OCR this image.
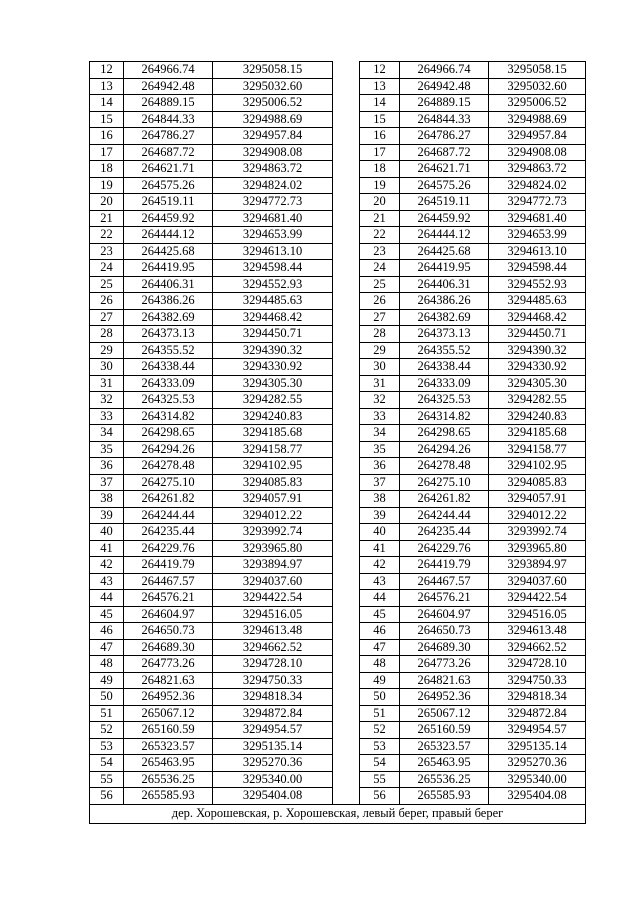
12	264966.74	3295058.15		12	264966.74	3295058.15
13	264942.48	3295032.60		13	264942.48	3295032.60
14	264889.15	3295006.52		14	264889.15	3295006.52
15	264844.33	3294988.69		15	264844.33	3294988.69
16	264786.27	3294957.84		16	264786.27	3294957.84
17	264687.72	3294908.08		17	264687.72	3294908.08
18	264621.71	3294863.72		18	264621.71	3294863.72
19	264575.26	3294824.02		19	264575.26	3294824.02
20	264519.11	3294772.73		20	264519.11	3294772.73
21	264459.92	3294681.40		21	264459.92	3294681.40
22	264444.12	3294653.99		22	264444.12	3294653.99
23	264425.68	3294613.10		23	264425.68	3294613.10
24	264419.95	3294598.44		24	264419.95	3294598.44
25	264406.31	3294552.93		25	264406.31	3294552.93
26	264386.26	3294485.63		26	264386.26	3294485.63
27	264382.69	3294468.42		27	264382.69	3294468.42
28	264373.13	3294450.71		28	264373.13	3294450.71
29	264355.52	3294390.32		29	264355.52	3294390.32
30	264338.44	3294330.92		30	264338.44	3294330.92
31	264333.09	3294305.30		31	264333.09	3294305.30
32	264325.53	3294282.55		32	264325.53	3294282.55
33	264314.82	3294240.83		33	264314.82	3294240.83
34	264298.65	3294185.68		34	264298.65	3294185.68
35	264294.26	3294158.77		35	264294.26	3294158.77
36	264278.48	3294102.95		36	264278.48	3294102.95
37	264275.10	3294085.83		37	264275.10	3294085.83
38	264261.82	3294057.91		38	264261.82	3294057.91
39	264244.44	3294012.22		39	264244.44	3294012.22
40	264235.44	3293992.74		40	264235.44	3293992.74
41	264229.76	3293965.80		41	264229.76	3293965.80
42	264419.79	3293894.97		42	264419.79	3293894.97
43	264467.57	3294037.60		43	264467.57	3294037.60
44	264576.21	3294422.54		44	264576.21	3294422.54
45	264604.97	3294516.05		45	264604.97	3294516.05
46	264650.73	3294613.48		46	264650.73	3294613.48
47	264689.30	3294662.52		47	264689.30	3294662.52
48	264773.26	3294728.10		48	264773.26	3294728.10
49	264821.63	3294750.33		49	264821.63	3294750.33
50	264952.36	3294818.34		50	264952.36	3294818.34
51	265067.12	3294872.84		51	265067.12	3294872.84
52	265160.59	3294954.57		52	265160.59	3294954.57
53	265323.57	3295135.14		53	265323.57	3295135.14
54	265463.95	3295270.36		54	265463.95	3295270.36
55	265536.25	3295340.00		55	265536.25	3295340.00
56	265585.93	3295404.08		56	265585.93	3295404.08
дер. Хорошевская, р. Хорошевская, левый берег, правый берег						
